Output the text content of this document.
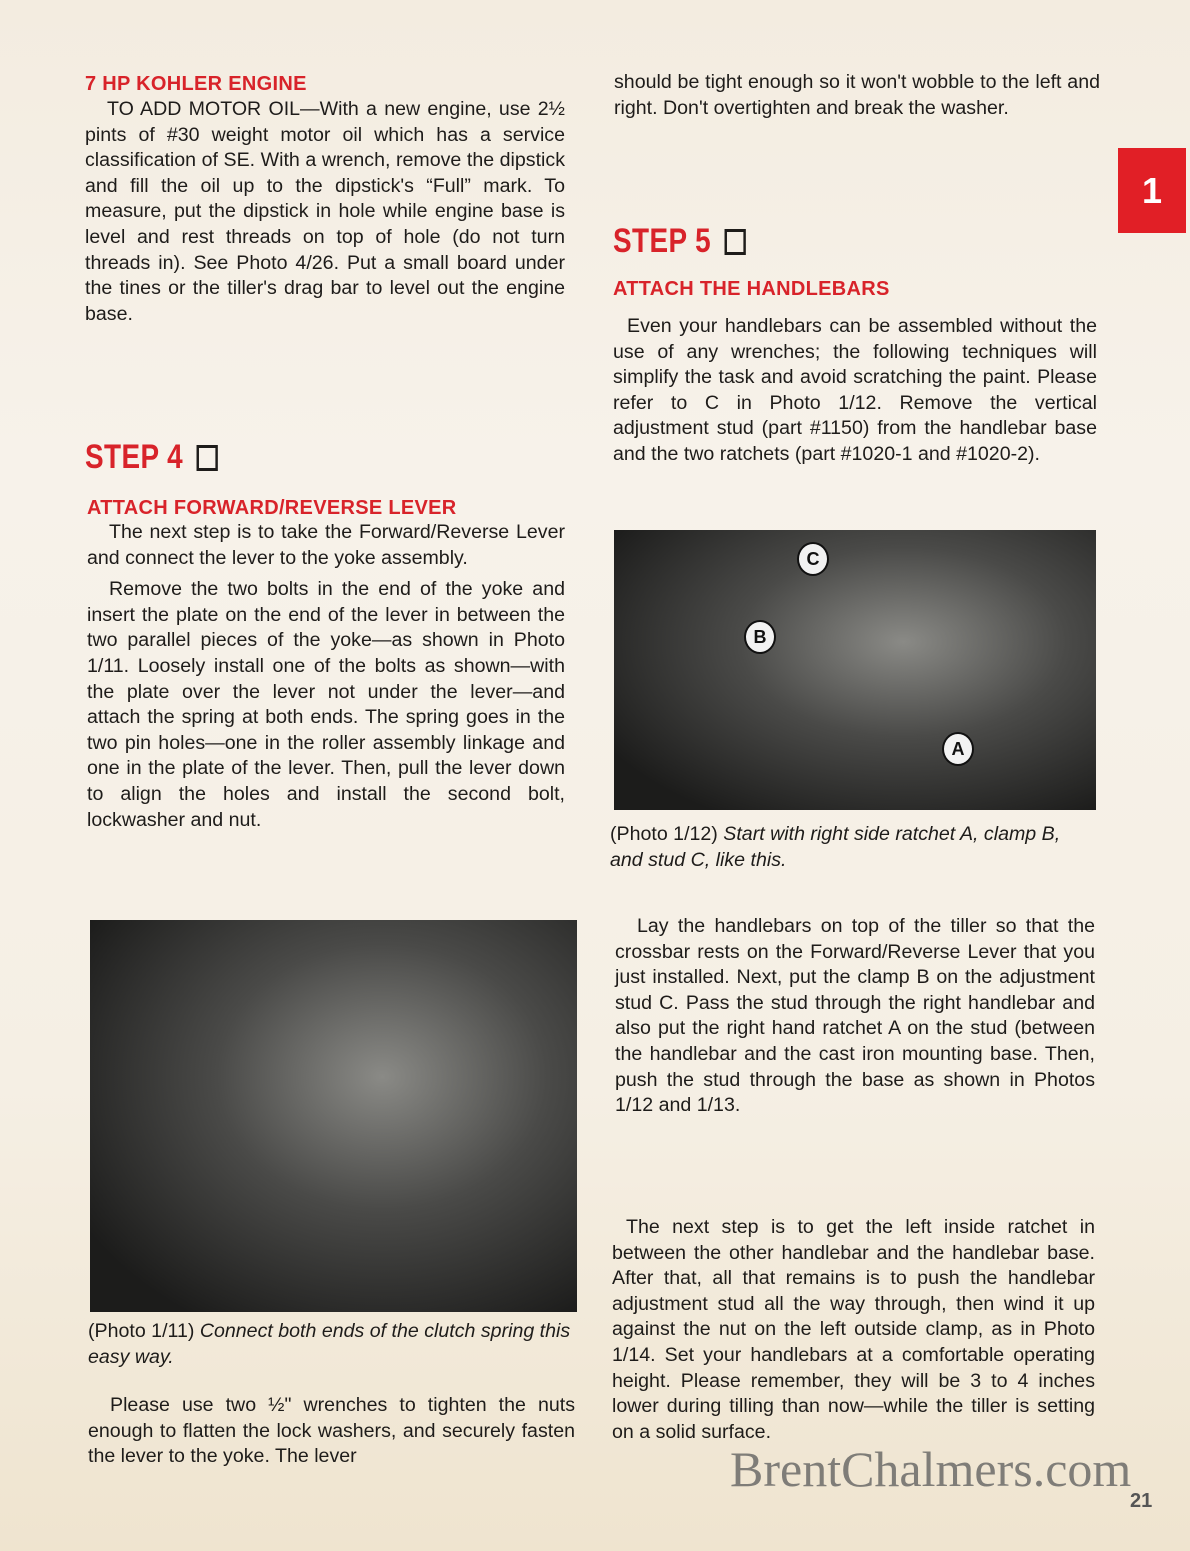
7 HP KOHLER ENGINE

TO ADD MOTOR OIL—With a new engine, use 2½ pints of #30 weight motor oil which has a service classification of SE. With a wrench, remove the dipstick and fill the oil up to the dipstick's “Full” mark. To measure, put the dipstick in hole while engine base is level and rest threads on top of hole (do not turn threads in). See Photo 4/26. Put a small board under the tines or the tiller's drag bar to level out the engine base.

STEP 4
ATTACH FORWARD/REVERSE LEVER

The next step is to take the Forward/Reverse Lever and connect the lever to the yoke assembly.

Remove the two bolts in the end of the yoke and insert the plate on the end of the lever in between the two parallel pieces of the yoke—as shown in Photo 1/11. Loosely install one of the bolts as shown—with the plate over the lever not under the lever—and attach the spring at both ends. The spring goes in the two pin holes—one in the roller assembly linkage and one in the plate of the lever. Then, pull the lever down to align the holes and install the second bolt, lockwasher and nut.

(Photo 1/11) Connect both ends of the clutch spring this easy way.

Please use two ½" wrenches to tighten the nuts enough to flatten the lock washers, and securely fasten the lever to the yoke. The lever

should be tight enough so it won't wobble to the left and right. Don't overtighten and break the washer.

STEP 5
ATTACH THE HANDLEBARS

Even your handlebars can be assembled without the use of any wrenches; the following techniques will simplify the task and avoid scratching the paint. Please refer to C in Photo 1/12. Remove the vertical adjustment stud (part #1150) from the handlebar base and the two ratchets (part #1020-1 and #1020-2).

C
B
A
(Photo 1/12) Start with right side ratchet A, clamp B, and stud C, like this.

Lay the handlebars on top of the tiller so that the crossbar rests on the Forward/Reverse Lever that you just installed. Next, put the clamp B on the adjustment stud C. Pass the stud through the right handlebar and also put the right hand ratchet A on the stud (between the handlebar and the cast iron mounting base. Then, push the stud through the base as shown in Photos 1/12 and 1/13.

The next step is to get the left inside ratchet in between the other handlebar and the handlebar base. After that, all that remains is to push the handlebar adjustment stud all the way through, then wind it up against the nut on the left outside clamp, as in Photo 1/14. Set your handlebars at a comfortable operating height. Please remember, they will be 3 to 4 inches lower during tilling than now—while the tiller is setting on a solid surface.

1
BrentChalmers.com
21
